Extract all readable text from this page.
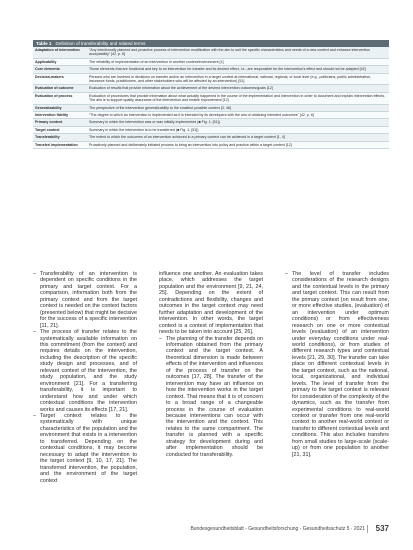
Table 1 Definition of transferability and related terms
Adaptation of intervention	"Any intentionally planned and proactive process of intervention modification with the aim to suit the specific characteristics and needs of a new context and enhance intervention acceptability" [42, p. 6]
Applicability	The reliability of implementation of an intervention in another context/environment [1]
Core elements	Those elements that are functional and key to an intervention for transfer and its desired effect, i.e., are responsible for the intervention's effect and should not be adapted [42]
Decision-makers	Persons who are involved in decisions on transfer and/or an intervention in a target context at international, national, regional, or local level (e.g., politicians, public administration, insurance funds, practitioners, and other stakeholders who will be affected by an intervention) [51]
Evaluation of outcome	Evaluation of results that provide information about the achievement of the desired intervention outcomes/goals [12]
Evaluation of process	Evaluation of procedures that provide information about what actually happened in the course of the implementation and intervention in order to document and explain intervention effects. The aim is to support quality assurance of the intervention and enable improvement [12]
Generalizability	The perspective of the intervention generalizability to the smallest possible context [3, 46]
Intervention fidelity	"The degree to which an intervention is implemented as it is intended by its developers with the aim of obtaining intended outcomes" [42, p. 6]
Primary context	Summary in which the intervention was or was initially implemented (■ Fig. 1; [51])
Target context	Summary in which the intervention is to be transferred (■ Fig. 1; [51])
Transferability	The extent to which the outcomes of an intervention achieved in a primary context can be achieved in a target context [1, 4]
Transfer/ implementation	Proactively planned and deliberately initiated process to bring an intervention into policy and practice within a target context [12]

– Transferability of an intervention is dependent on specific conditions in the primary and target context. For a comparison, information both from the primary context and from the target context is needed on the context factors (presented below) that might be decisive for the success of a specific intervention [11, 21].

– The process of transfer relates to the systematically available information on this commitment (from the context) and requires details on the intervention, including the description of the specific study design and processes, and of relevant context of the intervention, the study population, and the study environment [21]. For a transferring transferability, it is important to understand how and under which contextual conditions the intervention works and causes its effects [17, 21].

– Target context relates to the systematically with unique characteristics of the population and the environment that exists in a intervention to transferred. Depending on the contextual conditions, it may become necessary to adapt the intervention to the target context [9, 10, 17, 21]. The transferred intervention, the population, and the environment of the target context

influence one another. An evaluation takes place, which addresses the target population and the environment [9, 21, 24, 25]. Depending on the extent of contradictions and flexibility, changes and outcomes in the target context may need further adaptation and development of the intervention. In other words, the target context is a context of implementation that needs to be taken into account [25, 26].

– The planning of the transfer depends on information obtained from the primary context and the target context. A theoretical dimension is made between effects of the intervention and influences of the process of transfer on the outcomes [17, 28]. The transfer of the intervention may have an influence on how the intervention works in the target context. That means that it is of concern to a broad range of a changeable process in the course of evaluation because interventions can occur with the intervention and the context. This relates to the same compartment. The transfer is planned with a specific strategy for development during and after implementation should be conducted for transferability.

– The level of transfer includes considerations of the research designs and the contextual levels in the primary and target context. This can result from the primary context (on result from one, or more effective studies, (evaluation) of an intervention under optimum conditions) or from effectiveness research on one or more contextual levels (evaluation) of an intervention under everyday conditions under real-world conditions), or from studies of different research types and contextual levels [21, 29, 30]. The transfer can take place on different contextual levels in the target context, such as the national, local, organizational, and individual levels. The level of transfer from the primary to the target context is relevant for consideration of the complexity of the dynamics, such as the transfer from experimental conditions to real-world context or transfer from one real-world context to another real-world context or transfer to different contextual levels and conditions. This also includes transfers from small studies to large-scale (scale-up) or from one population to another [21, 31].

Bundesgesundheitsblatt - Gesundheitsforschung - Gesundheitsschutz 5 · 2021 537
